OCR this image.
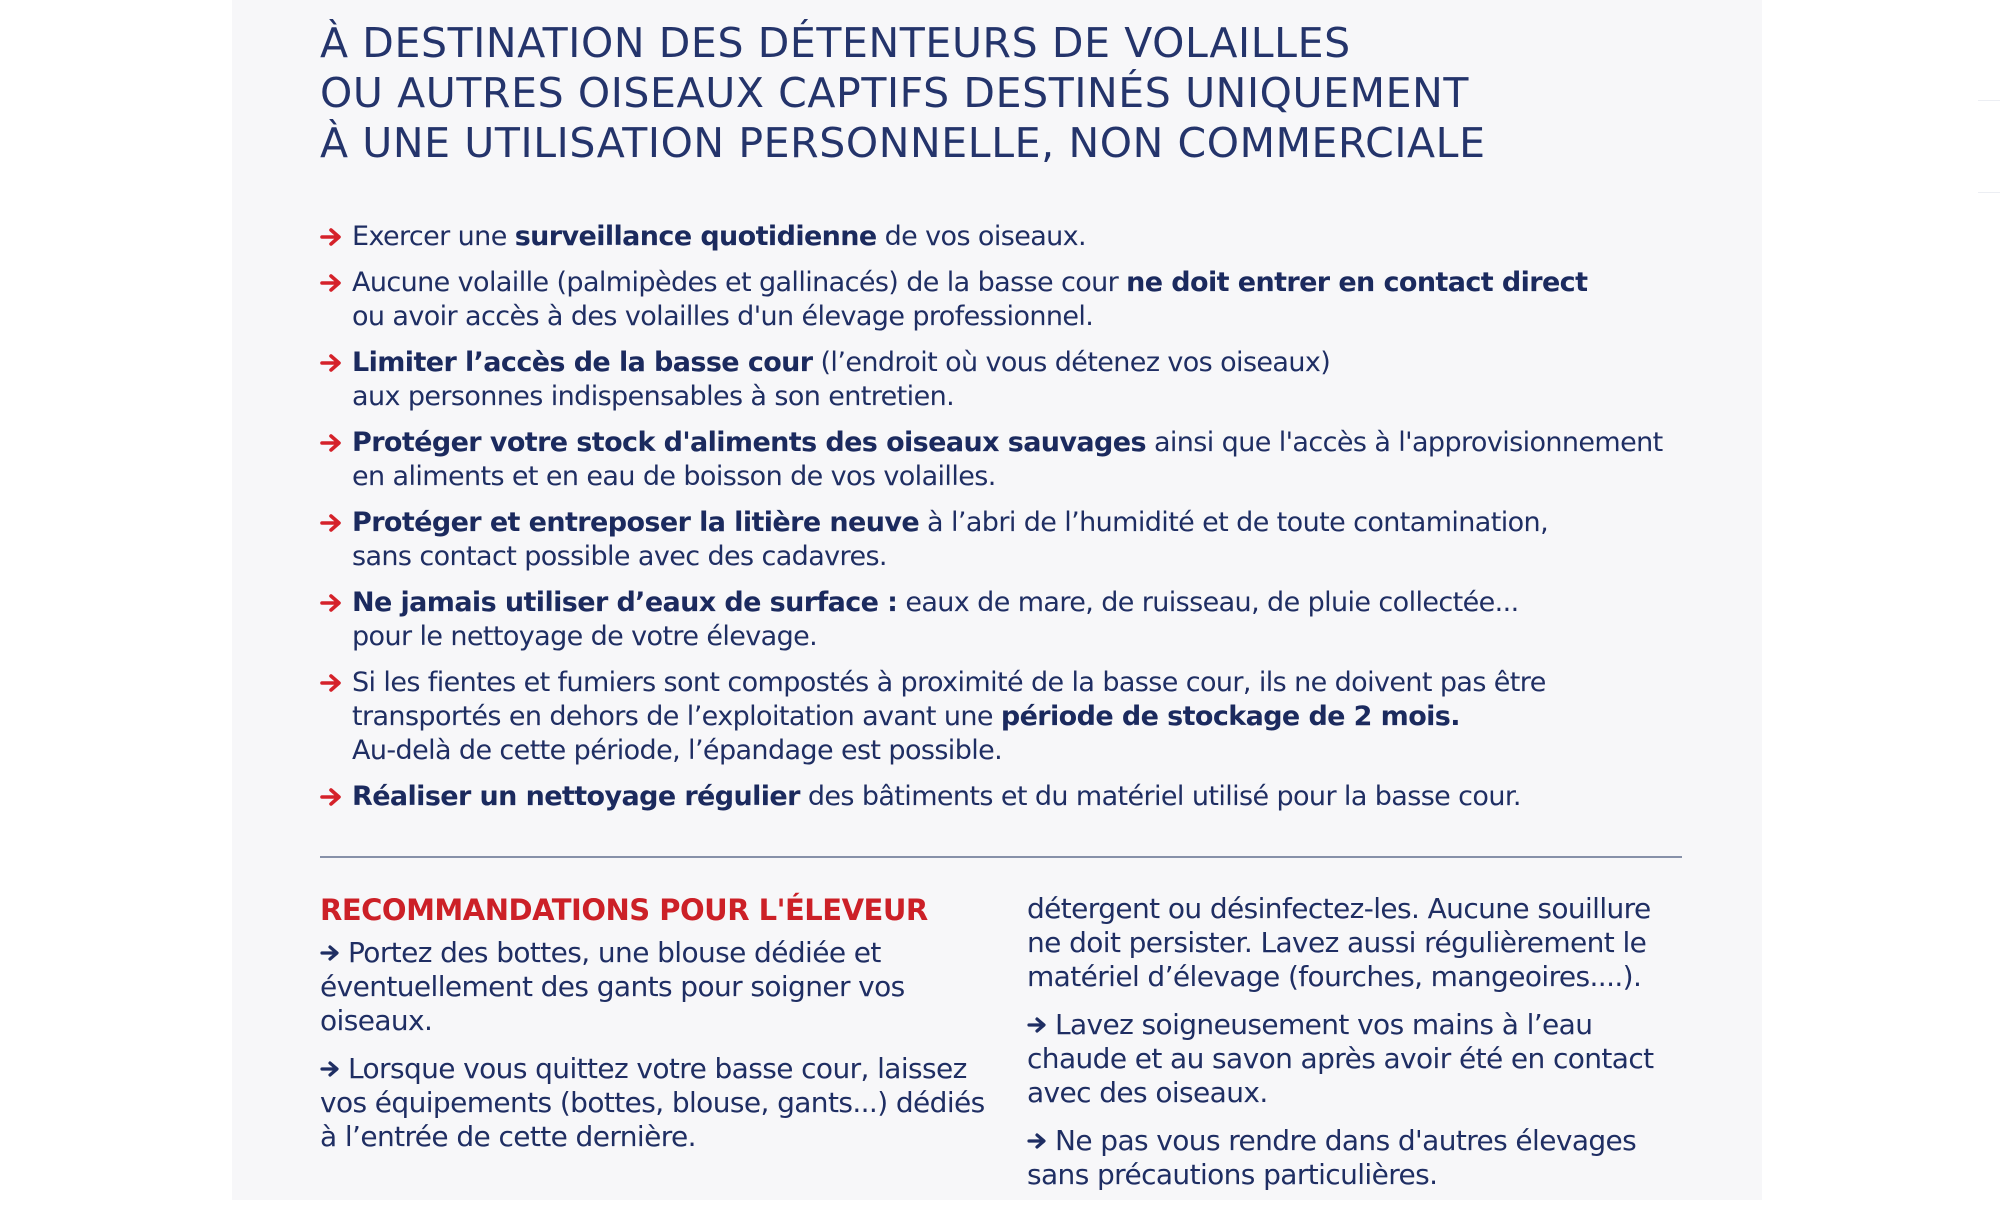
À DESTINATION DES DÉTENTEURS DE VOLAILLES
OU AUTRES OISEAUX CAPTIFS DESTINÉS UNIQUEMENT
À UNE UTILISATION PERSONNELLE, NON COMMERCIALE
Exercer une surveillance quotidienne de vos oiseaux.
Aucune volaille (palmipèdes et gallinacés) de la basse cour ne doit entrer en contact direct
ou avoir accès à des volailles d'un élevage professionnel.
Limiter l’accès de la basse cour (l’endroit où vous détenez vos oiseaux)
aux personnes indispensables à son entretien.
Protéger votre stock d'aliments des oiseaux sauvages ainsi que l'accès à l'approvisionnement
en aliments et en eau de boisson de vos volailles.
Protéger et entreposer la litière neuve à l’abri de l’humidité et de toute contamination,
sans contact possible avec des cadavres.
Ne jamais utiliser d’eaux de surface : eaux de mare, de ruisseau, de pluie collectée...
pour le nettoyage de votre élevage.
Si les fientes et fumiers sont compostés à proximité de la basse cour, ils ne doivent pas être
transportés en dehors de l’exploitation avant une période de stockage de 2 mois.
Au-delà de cette période, l’épandage est possible.
Réaliser un nettoyage régulier des bâtiments et du matériel utilisé pour la basse cour.
RECOMMANDATIONS POUR L'ÉLEVEUR

Portez des bottes, une blouse dédiée et
éventuellement des gants pour soigner vos
oiseaux.

Lorsque vous quittez votre basse cour, laissez
vos équipements (bottes, blouse, gants...) dédiés
à l’entrée de cette dernière.

détergent ou désinfectez-les. Aucune souillure
ne doit persister. Lavez aussi régulièrement le
matériel d’élevage (fourches, mangeoires....).

Lavez soigneusement vos mains à l’eau
chaude et au savon après avoir été en contact
avec des oiseaux.

Ne pas vous rendre dans d'autres élevages
sans précautions particulières.
